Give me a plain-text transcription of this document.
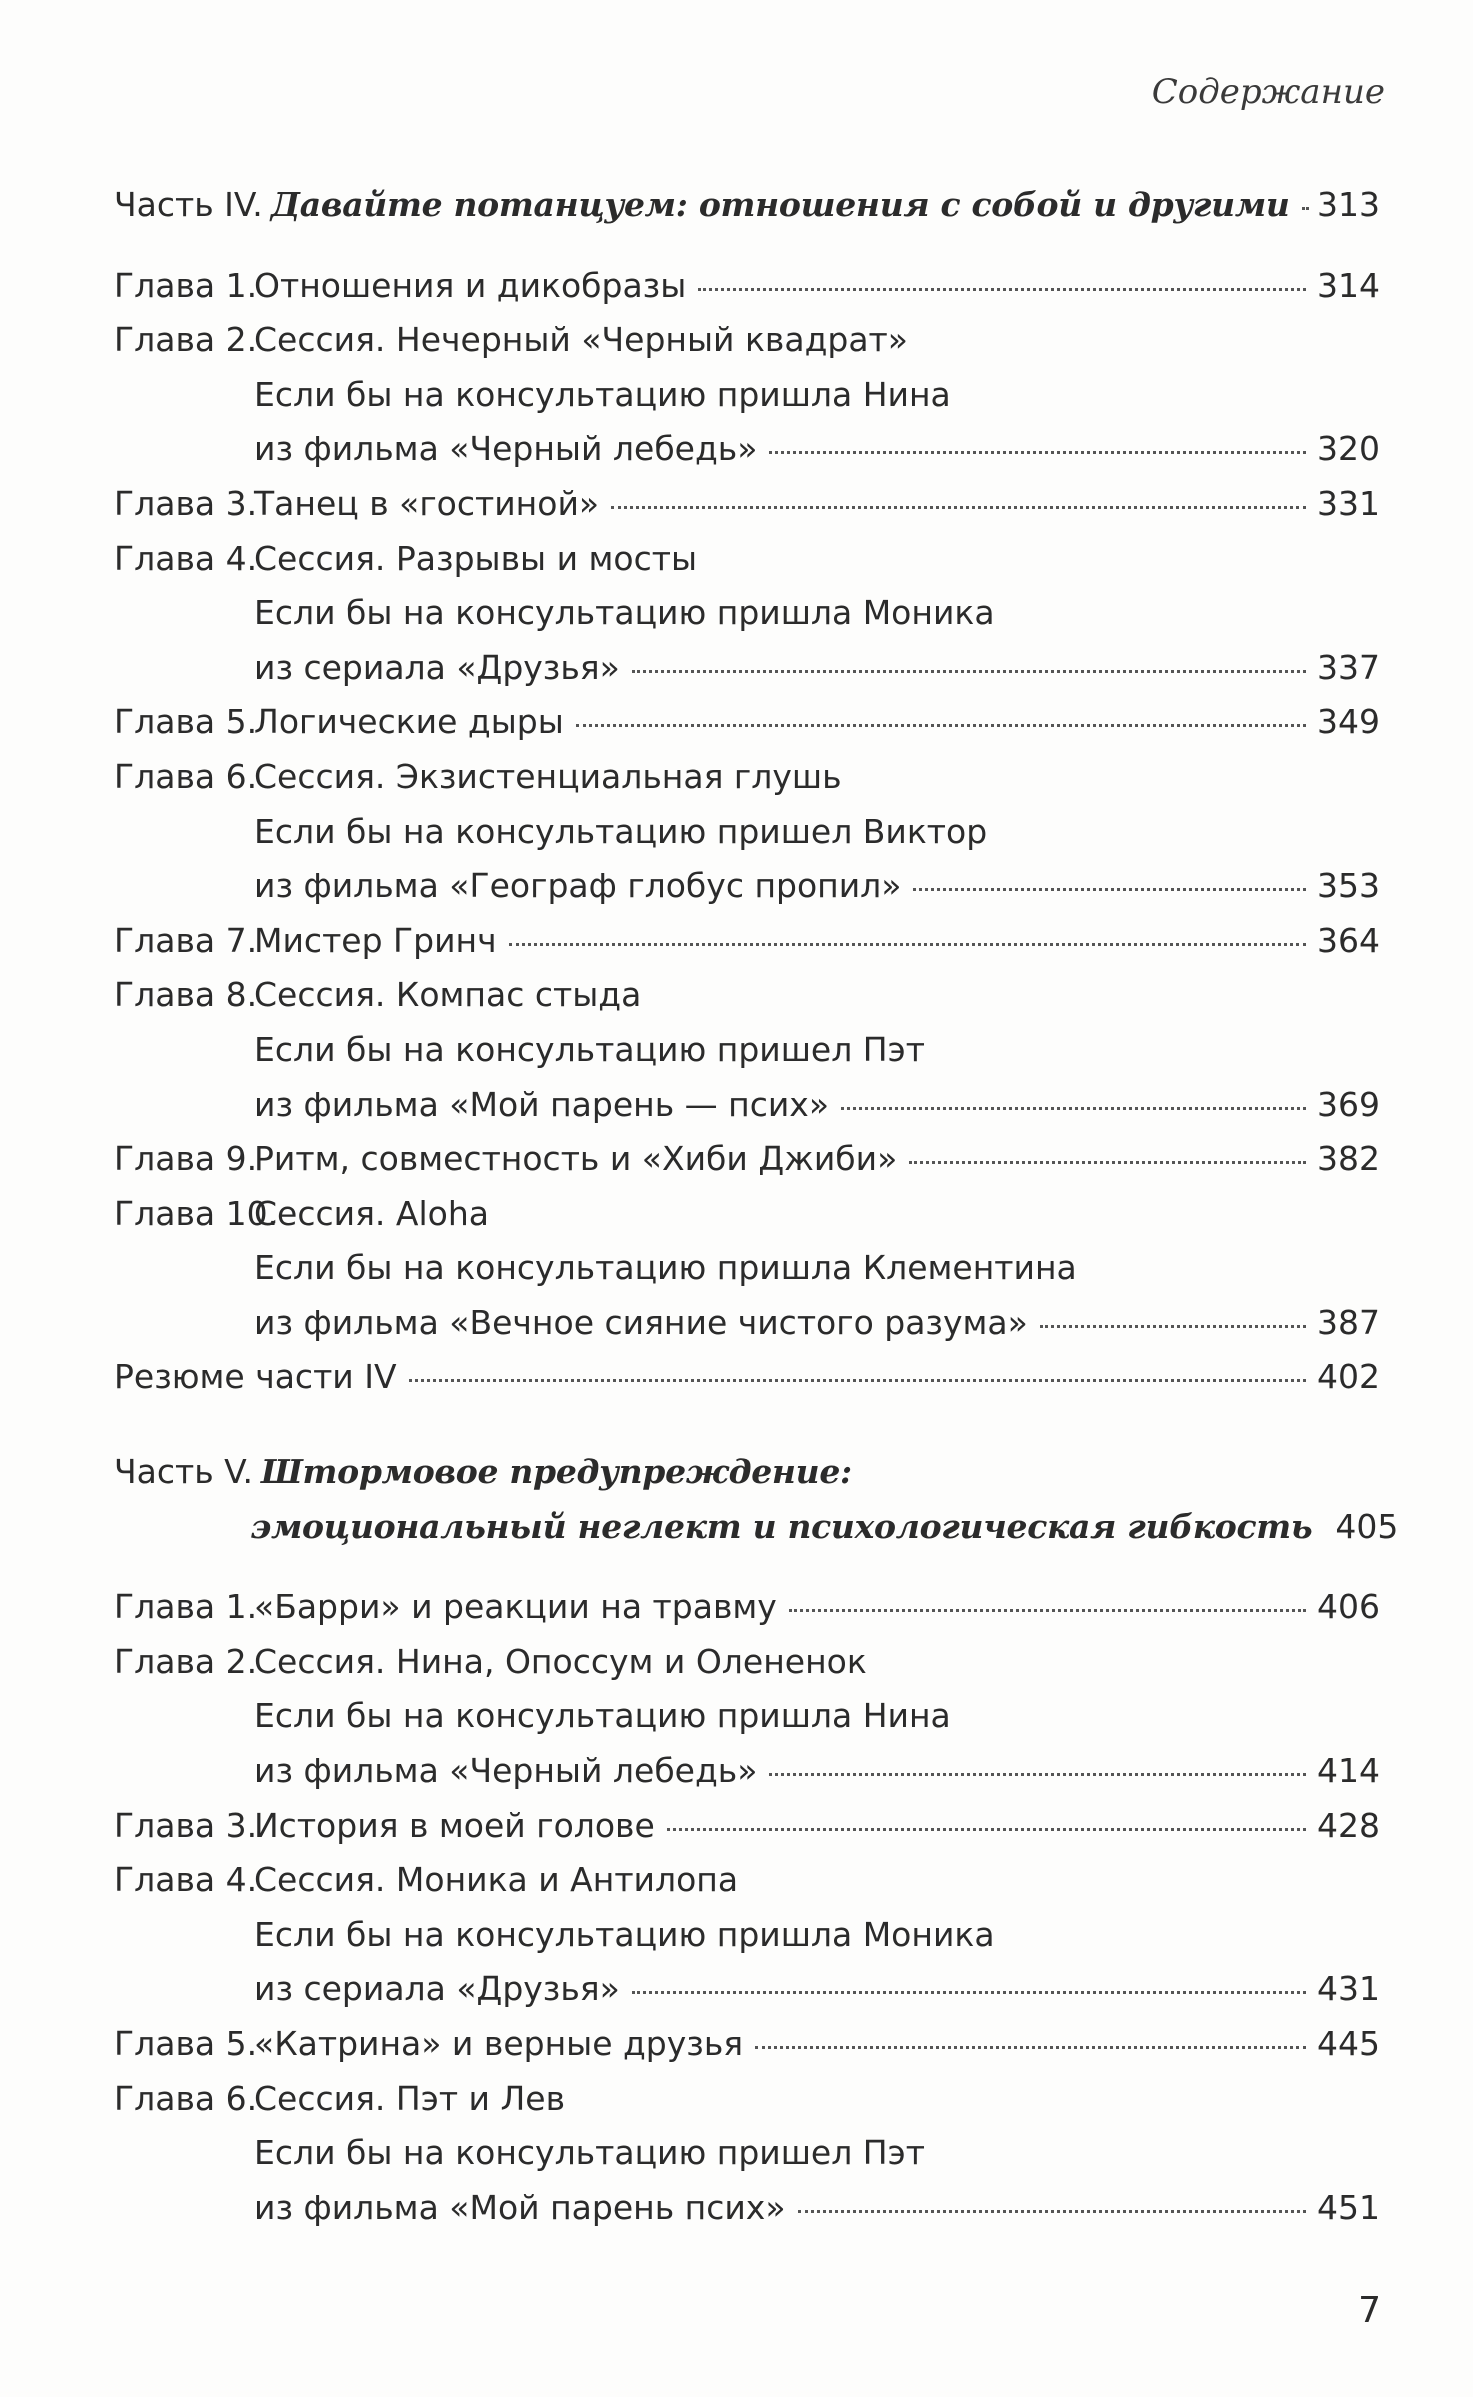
Содержание
Часть IV. Давайте потанцуем: отношения с собой и другими 313
Глава 1.
Отношения и дикобразы	314
Глава 2.
Сессия. Нечерный «Черный квадрат»
Если бы на консультацию пришла Нина
из фильма «Черный лебедь»	320
Глава 3.
Танец в «гостиной»	331
Глава 4.
Сессия. Разрывы и мосты
Если бы на консультацию пришла Моника
из сериала «Друзья»	337
Глава 5.
Логические дыры	349
Глава 6.
Сессия. Экзистенциальная глушь
Если бы на консультацию пришел Виктор
из фильма «Географ глобус пропил»	353
Глава 7.
Мистер Гринч	364
Глава 8.
Сессия. Компас стыда
Если бы на консультацию пришел Пэт
из фильма «Мой парень — псих»	369
Глава 9.
Ритм, совместность и «Хиби Джиби»	382
Глава 10.
Сессия. Aloha
Если бы на консультацию пришла Клементина
из фильма «Вечное сияние чистого разума»	387
Резюме части IV	402
Часть V. Штормовое предупреждение:
эмоциональный неглект и психологическая гибкость 405
Глава 1.
«Барри» и реакции на травму	406
Глава 2.
Сессия. Нина, Опоссум и Олененок
Если бы на консультацию пришла Нина
из фильма «Черный лебедь»	414
Глава 3.
История в моей голове	428
Глава 4.
Сессия. Моника и Антилопа
Если бы на консультацию пришла Моника
из сериала «Друзья»	431
Глава 5.
«Катрина» и верные друзья	445
Глава 6.
Сессия. Пэт и Лев
Если бы на консультацию пришел Пэт
из фильма «Мой парень псих»	451
7
